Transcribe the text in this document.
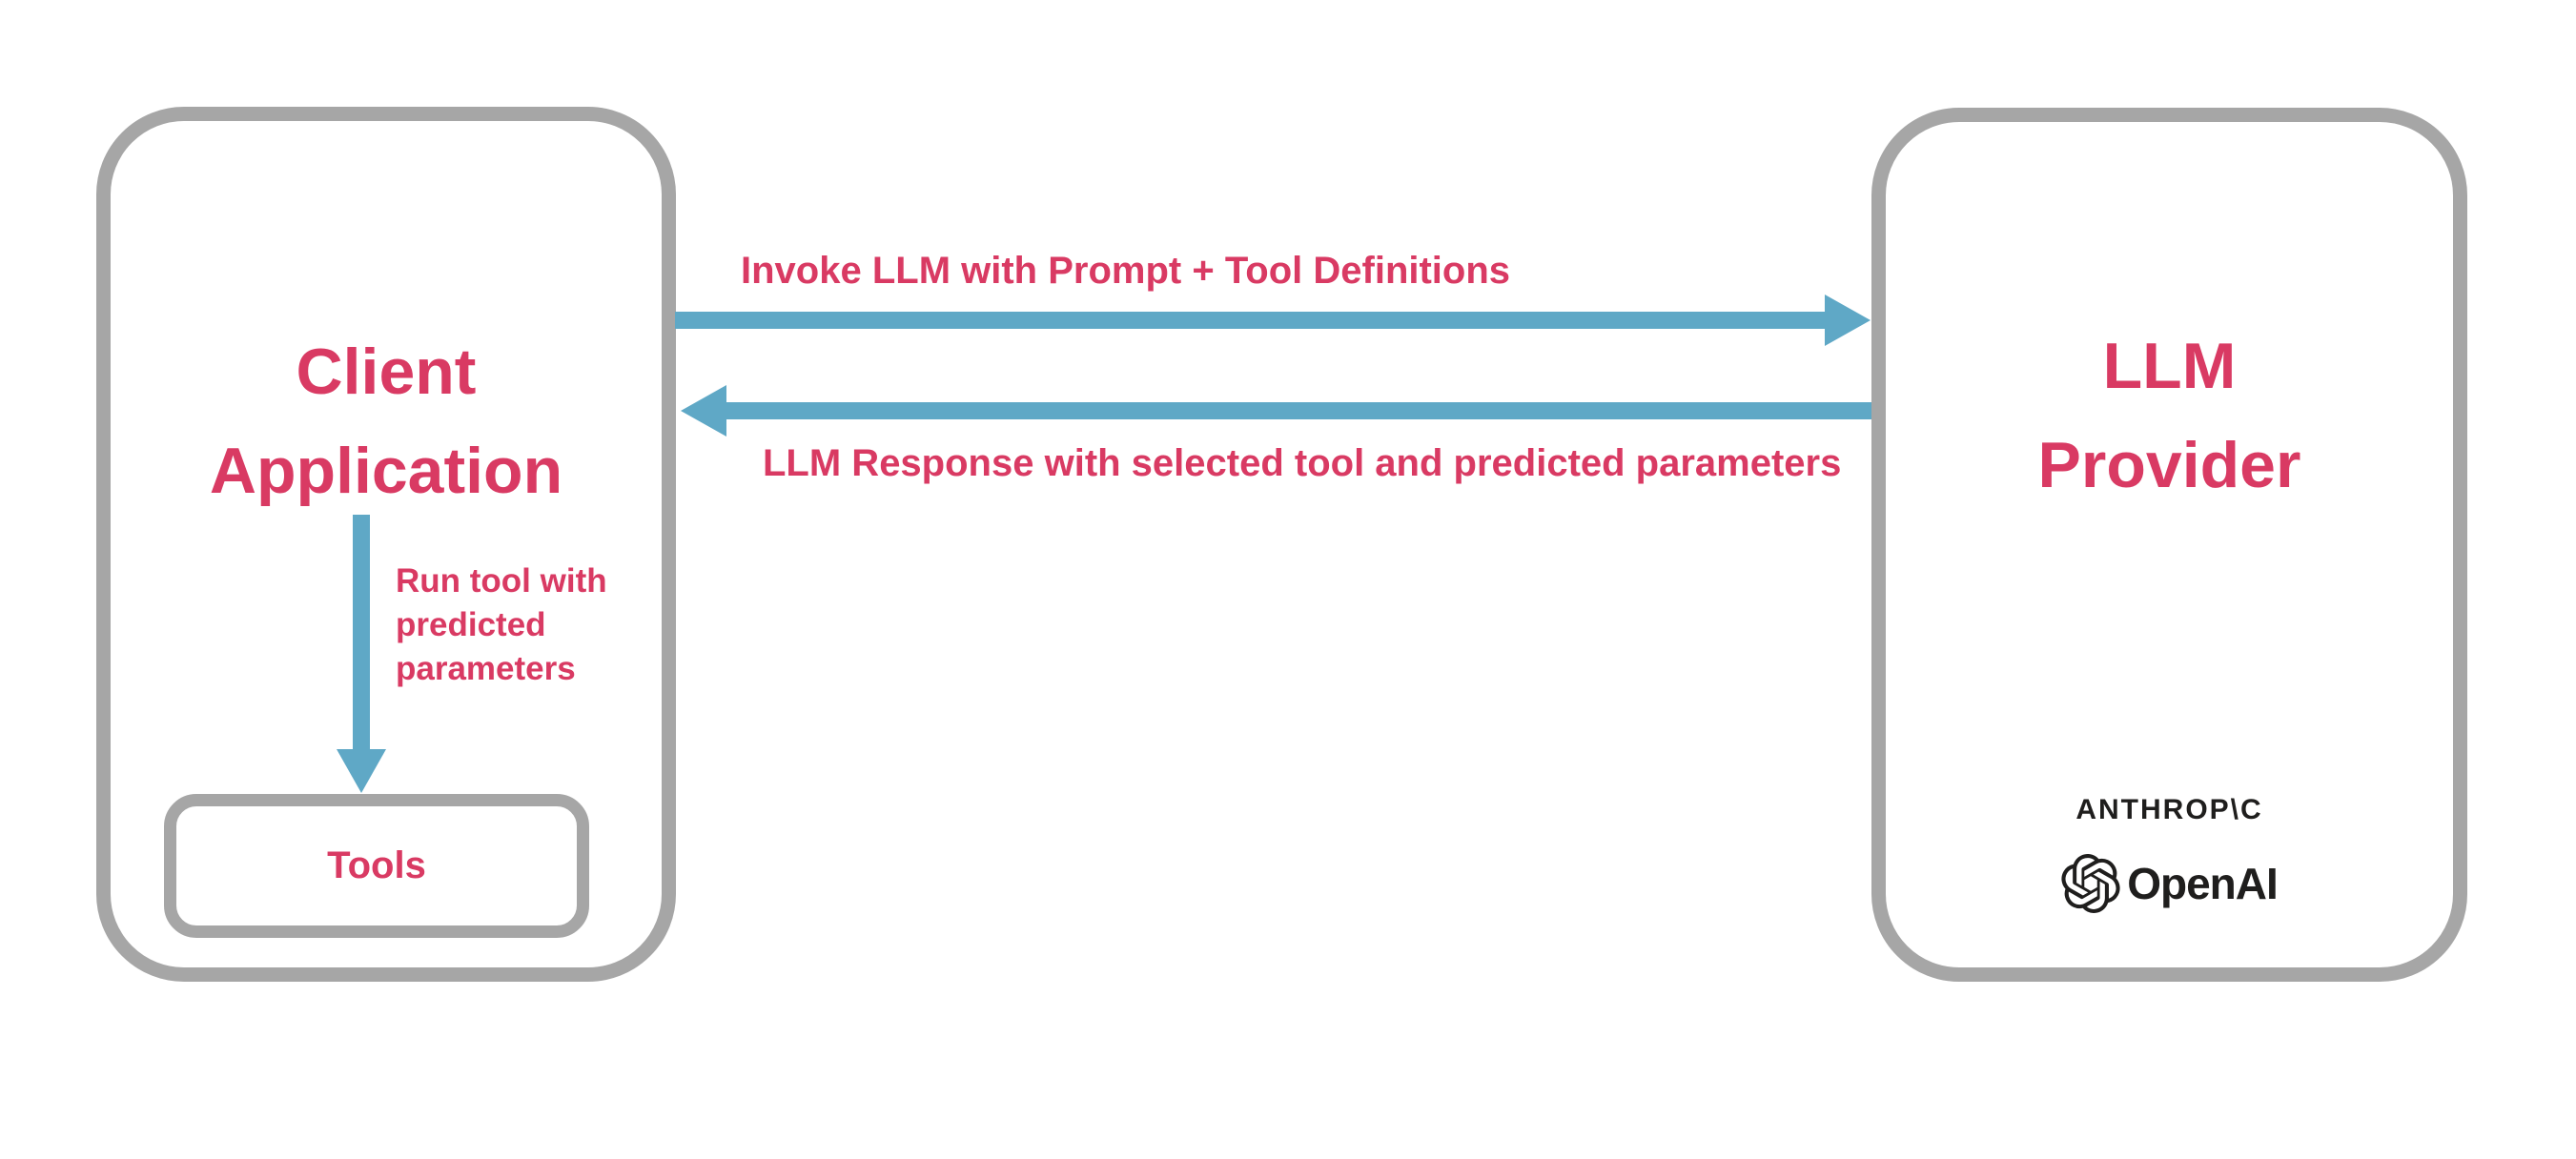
Client
Application
Run tool with
predicted
parameters
Tools
Invoke LLM with Prompt + Tool Definitions
LLM Response with selected tool and predicted parameters
LLM
Provider
ANTHROP\C
OpenAI
